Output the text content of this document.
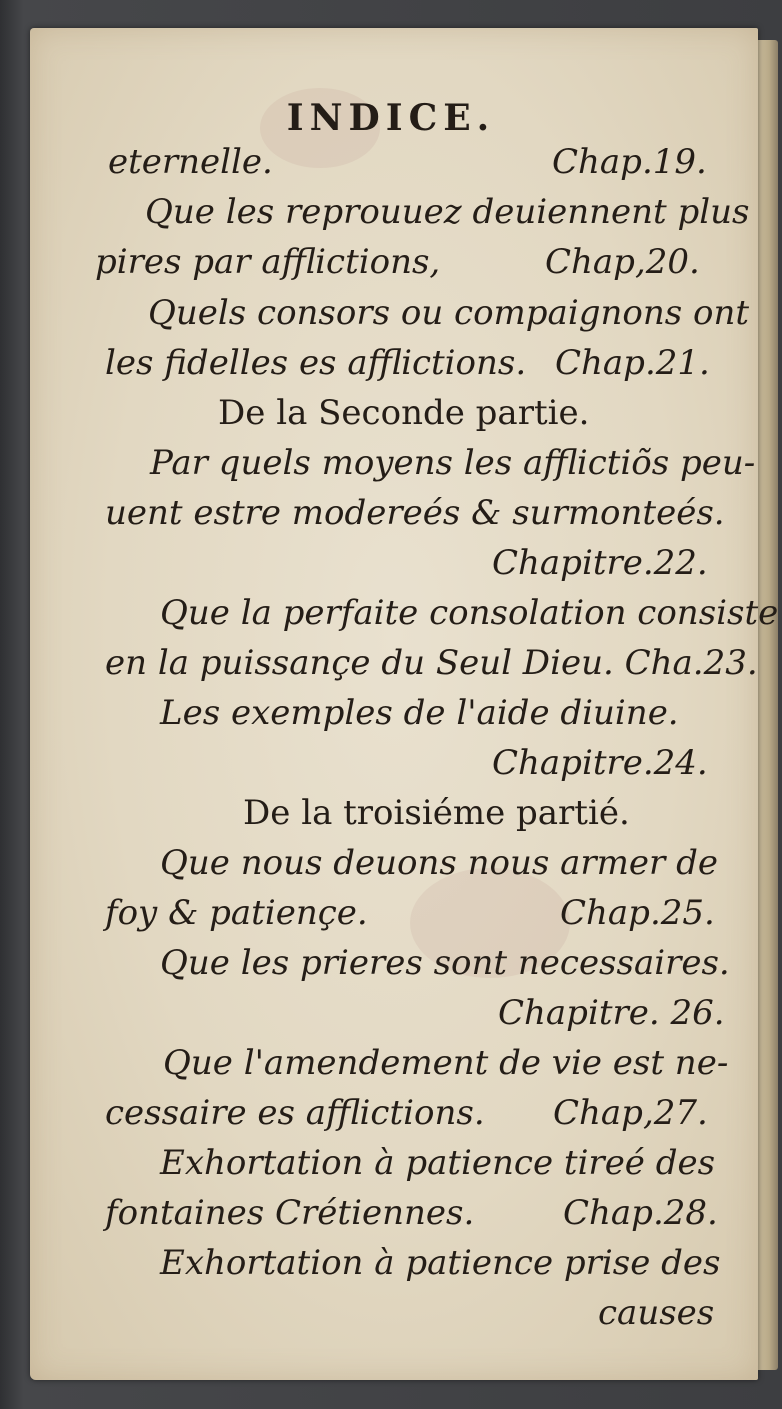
INDICE.
eternelle.	Chap.19.
Que les reprouuez deuiennent plus
pires par afflictions,	Chap,20.
Quels consors ou compaignons ont
les fidelles es afflictions. Chap.21.
De la Seconde partie.
Par quels moyens les afflictiõs peu-
uent estre modereés & surmonteés.
Chapitre.22.
Que la perfaite consolation consiste
en la puissançe du Seul Dieu. Cha.23.
Les exemples de l'aide diuine.
Chapitre.24.
De la troisiéme partié.
Que nous deuons nous armer de
foy & patiençe.	Chap.25.
Que les prieres sont necessaires.
Chapitre. 26.
Que l'amendement de vie est ne-
cessaire es afflictions. Chap,27.
Exhortation à patience tireé des
fontaines Crétiennes.	Chap.28.
Exhortation à patience prise des
causes
